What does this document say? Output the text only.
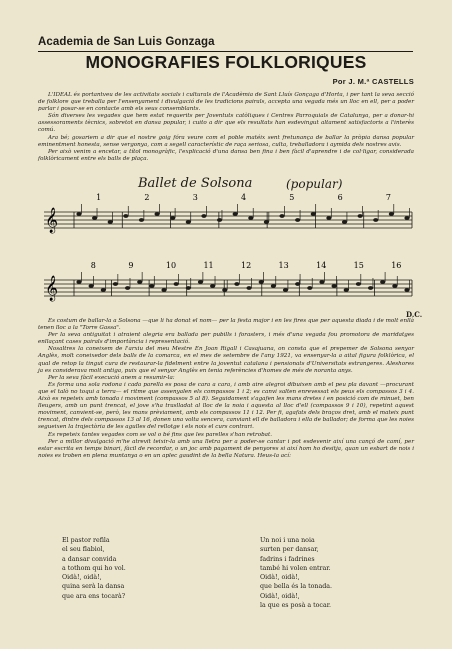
Academia de San Luis Gonzaga
MONOGRAFIES FOLKLORIQUES
Por J. M.ª CASTELLS

L'IDEAL és portantveu de les activitats socials i culturals de l'Acadèmia de Sant Lluís Gonçaga d'Horta, i per tant la seva secció de folklore que treballa per l'ensenyament i divulgació de les tradicions pairals, accepta una vegada més un lloc en ell, per a poder parlar i posar-se en contacte amb els seus consemblants.

Són diverses les vegades que hem estat requerits per Joventuts catòliques i Centres Parroquials de Catalunya, per a donar-hi assessoraments tècnics, sobretot en dansa popular, i cuito a dir que els resultats han esdevingut altament satisfactoris a l'interès comú.

Ara bé; gosariem a dir que el nostre goig fóra veure com el poble matéix sent fretunança de ballar la pròpia dansa popular eminentment honesta, sense vergonya, com a segell característic de raça seriosa, culta, treballadora i aymida dels nostres avis.

Per això venim a encetar, a títol monogràfic, l'explicació d'una dansa ben fina i ben fàcil d'aprendre i de col·ligar, considerada folklòricament entre els balls de plaça.

Ballet de Solsona	(popular)
𝄞
1	2	3	4	5	6	7
𝄞
8	9	10	11	12	13	14	15	16
D.C.

Es costum de ballar-la a Solsona —que li ha donat el nom— per la festa major i en les fires que per aquesta diada i de molt enllà tenen lloc a la "Torre Gassa".

Per la seva antiguitat i atraient alegria era ballada per pubills i forasters, i més d'una vegada fou promotora de maridatges enllaçant cases pairals d'importància i representació.

Nosaltres la coneixem de l'arxiu del meu Mestre En Joan Rigall i Casajuana, on consta que el prepemer de Solsona senyor Anglès, molt coneixedor dels balls de la comarca, en el mes de setembre de l'any 1921, va ensenyar-la a aital figura folklòrica, el qual de retop la tingut cura de restaurar-la fidelment entre la joventut catalana i pensionats d'Universitats estrangeres. Aleshores ja es considerava molt antiga, puix que el senyor Anglès en tenia referències d'homes de més de noranta anys.

Per la seva fàcil execució anem a resumir-la:

Es forma una sola rodona i cada parella es posa de cara a cara, i amb aire alegroi dibuixen amb el peu pla davant —procurant que el talò no toqui a terra— el ritme que assenyalen els compassos 1 i 2; es canvi salten enrevessat els peus els compassos 3 i 4. Això es repeteix amb tonada i moviment (compassos 5 al 8). Seguidament s'agafen les mans dretes i en posició com de minuet, ben lleugers, amb un punt trencat, el jove s'ha traslladat al lloc de la noia i aquesta al lloc d'ell (compassos 9 i 10), repetint aquest moviment, canvient-se, però, les mans prèviament, amb els compassos 11 i 12. Per fi, agafats dels braços dret, amb el mateix punt trencat, dintre dels compassos 13 al 16, donen una volta sencera, canviant ell de balladora i ella de ballador; de forma que les noies segueixen la trajectòria de les agulles del rellotge i els nois el curs contrari.

Es repeteix tantes vegades com se vol o bé fins que les parelles s'han retrobat.

Per a millor divulgació m'he atrevit teixir-la amb una lletra per a poder-se cantar i pot esdevenir així una cançó de camí, per estar escrita en temps binari, fàcil de recordar, o un joc amb pagament de penyores si així hom ho desitja, quan un esbart de nois i noies es troben en plena muntanya o en un aplec gaudint de la bella Natura. Heus-la ací:

El pastor refila
el seu flabiol,
a dansar convida
a tothom qui ho vol.
Oidà!, oidà!,
quina serà la dansa
que ara ens tocarà?
Un noi i una noia
surten per dansar,
fadrins i fadrines
també hi volen entrar.
Oidà!, oidà!,
que bella és la tonada.
Oidà!, oidà!,
la que es posà a tocar.
